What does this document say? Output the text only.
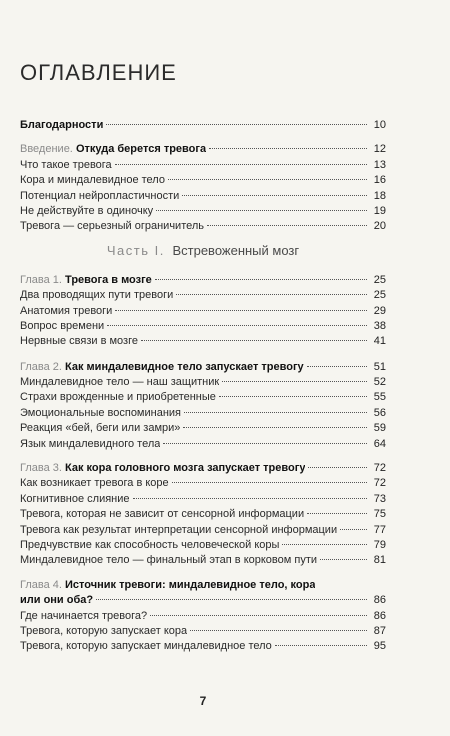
ОГЛАВЛЕНИЕ
Благодарности	10
Введение. Откуда берется тревога	12
Что такое тревога	13
Кора и миндалевидное тело	16
Потенциал нейропластичности	18
Не действуйте в одиночку	19
Тревога — серьезный ограничитель	20
Часть I. Встревоженный мозг
Глава 1. Тревога в мозге	25
Два проводящих пути тревоги	25
Анатомия тревоги	29
Вопрос времени	38
Нервные связи в мозге	41
Глава 2. Как миндалевидное тело запускает тревогу	51
Миндалевидное тело — наш защитник	52
Страхи врожденные и приобретенные	55
Эмоциональные воспоминания	56
Реакция «бей, беги или замри»	59
Язык миндалевидного тела	64
Глава 3. Как кора головного мозга запускает тревогу	72
Как возникает тревога в коре	72
Когнитивное слияние	73
Тревога, которая не зависит от сенсорной информации	75
Тревога как результат интерпретации сенсорной информации	77
Предчувствие как способность человеческой коры	79
Миндалевидное тело — финальный этап в корковом пути	81
Глава 4. Источник тревоги: миндалевидное тело, кора
или они оба?	86
Где начинается тревога?	86
Тревога, которую запускает кора	87
Тревога, которую запускает миндалевидное тело	95
7
